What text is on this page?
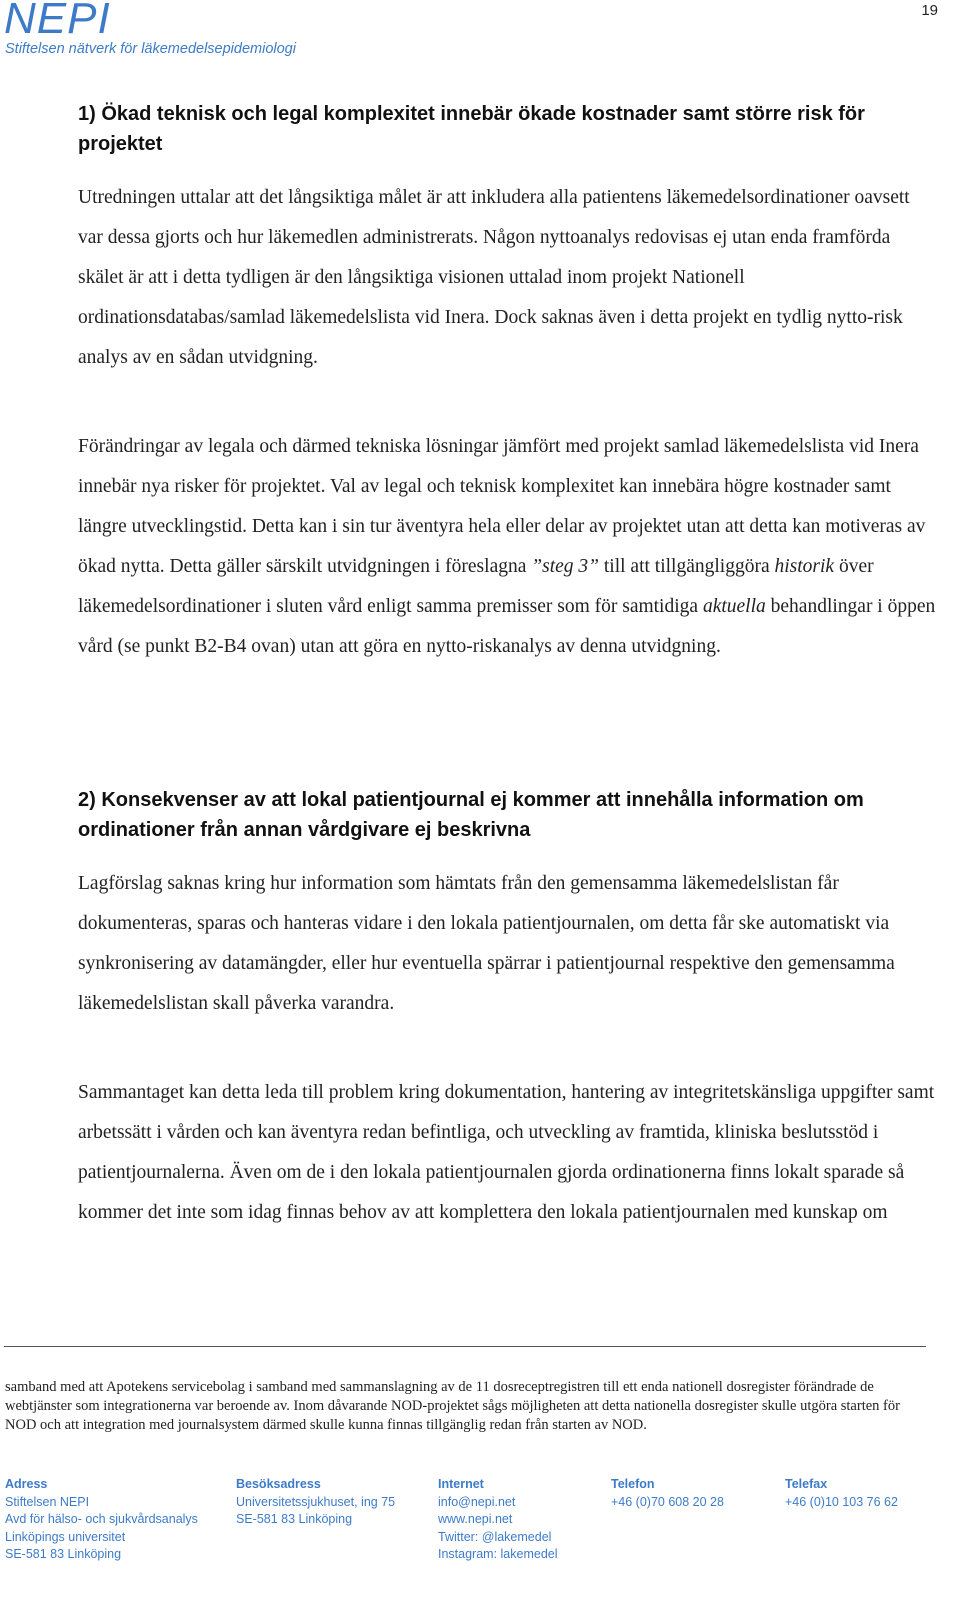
NEPI
Stiftelsen nätverk för läkemedelsepidemiologi
19
1) Ökad teknisk och legal komplexitet innebär ökade kostnader samt större risk för projektet
Utredningen uttalar att det långsiktiga målet är att inkludera alla patientens läkemedelsordinationer oavsett var dessa gjorts och hur läkemedlen administrerats. Någon nyttoanalys redovisas ej utan enda framförda skälet är att i detta tydligen är den långsiktiga visionen uttalad inom projekt Nationell ordinationsdatabas/samlad läkemedelslista vid Inera. Dock saknas även i detta projekt en tydlig nytto-risk analys av en sådan utvidgning.
Förändringar av legala och därmed tekniska lösningar jämfört med projekt samlad läkemedelslista vid Inera innebär nya risker för projektet. Val av legal och teknisk komplexitet kan innebära högre kostnader samt längre utvecklingstid. Detta kan i sin tur äventyra hela eller delar av projektet utan att detta kan motiveras av ökad nytta. Detta gäller särskilt utvidgningen i föreslagna ”steg 3” till att tillgängliggöra historik över läkemedelsordinationer i sluten vård enligt samma premisser som för samtidiga aktuella behandlingar i öppen vård (se punkt B2-B4 ovan) utan att göra en nytto-riskanalys av denna utvidgning.
2) Konsekvenser av att lokal patientjournal ej kommer att innehålla information om ordinationer från annan vårdgivare ej beskrivna
Lagförslag saknas kring hur information som hämtats från den gemensamma läkemedelslistan får dokumenteras, sparas och hanteras vidare i den lokala patientjournalen, om detta får ske automatiskt via synkronisering av datamängder, eller hur eventuella spärrar i patientjournal respektive den gemensamma läkemedelslistan skall påverka varandra.
Sammantaget kan detta leda till problem kring dokumentation, hantering av integritetskänsliga uppgifter samt arbetssätt i vården och kan äventyra redan befintliga, och utveckling av framtida, kliniska beslutsstöd i patientjournalerna. Även om de i den lokala patientjournalen gjorda ordinationerna finns lokalt sparade så kommer det inte som idag finnas behov av att komplettera den lokala patientjournalen med kunskap om
samband med att Apotekens servicebolag i samband med sammanslagning av de 11 dosreceptregistren till ett enda nationell dosregister förändrade de webtjänster som integrationerna var beroende av. Inom dåvarande NOD-projektet sågs möjligheten att detta nationella dosregister skulle utgöra starten för NOD och att integration med journalsystem därmed skulle kunna finnas tillgänglig redan från starten av NOD.
Adress
Stiftelsen NEPI
Avd för hälso- och sjukvårdsanalys
Linköpings universitet
SE-581 83 Linköping
Besöksadress
Universitetssjukhuset, ing 75
SE-581 83 Linköping
Internet
info@nepi.net
www.nepi.net
Twitter: @lakemedel
Instagram: lakemedel
Telefon
+46 (0)70 608 20 28
Telefax
+46 (0)10 103 76 62
